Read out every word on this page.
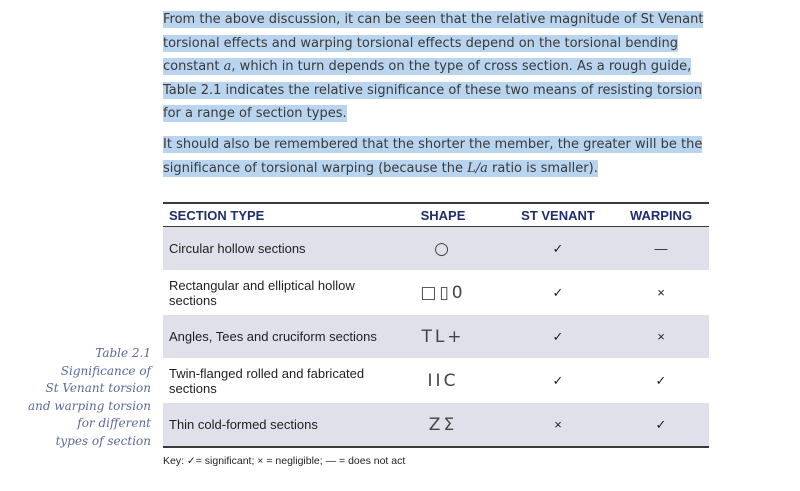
From the above discussion, it can be seen that the relative magnitude of St Venant torsional effects and warping torsional effects depend on the torsional bending constant a, which in turn depends on the type of cross section. As a rough guide, Table 2.1 indicates the relative significance of these two means of resisting torsion for a range of section types.
It should also be remembered that the shorter the member, the greater will be the significance of torsional warping (because the L/a ratio is smaller).
Table 2.1
Significance of
St Venant torsion
and warping torsion
for different
types of section
SECTION TYPE	SHAPE	ST VENANT	WARPING
Circular hollow sections	○	✓	—
Rectangular and elliptical hollow sections	□▯0	✓	×
Angles, Tees and cruciform sections	TL+	✓	×
Twin-flanged rolled and fabricated sections	IIC	✓	✓
Thin cold-formed sections	ZΣ	×	✓
Key: ✓= significant; × = negligible; — = does not act
